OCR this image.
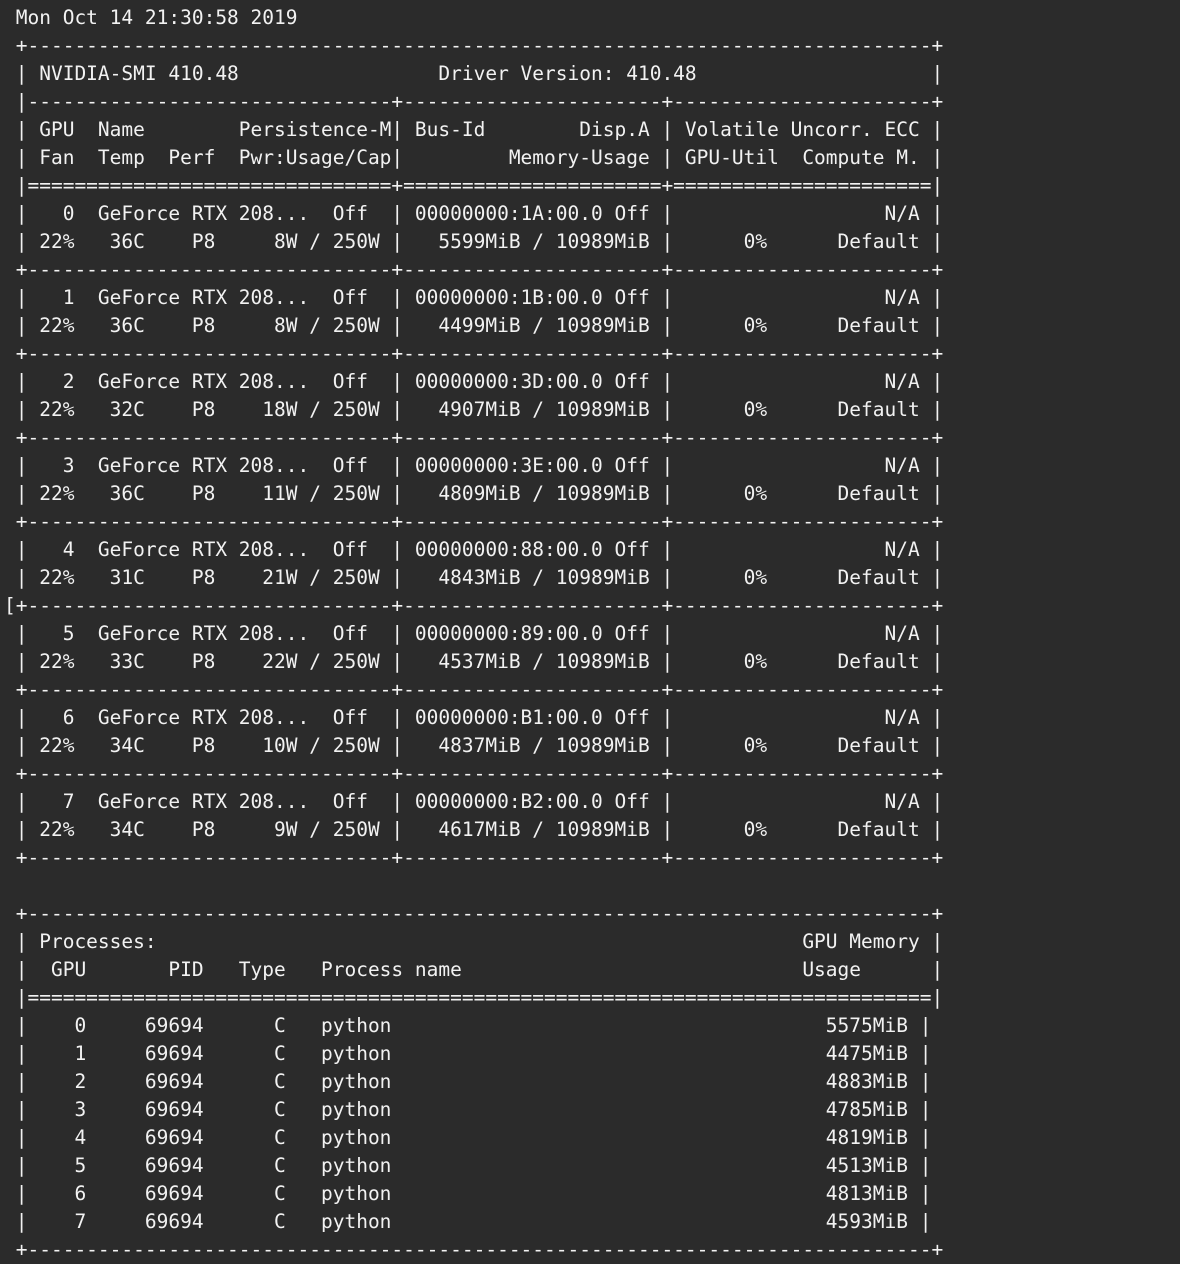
Mon Oct 14 21:30:58 2019
+-----------------------------------------------------------------------------+
| NVIDIA-SMI 410.48                 Driver Version: 410.48                    |
|-------------------------------+----------------------+----------------------+
| GPU  Name        Persistence-M| Bus-Id        Disp.A | Volatile Uncorr. ECC |
| Fan  Temp  Perf  Pwr:Usage/Cap|         Memory-Usage | GPU-Util  Compute M. |
|===============================+======================+======================|
|   0  GeForce RTX 208...  Off  | 00000000:1A:00.0 Off |                  N/A |
| 22%   36C    P8     8W / 250W |   5599MiB / 10989MiB |      0%      Default |
+-------------------------------+----------------------+----------------------+
|   1  GeForce RTX 208...  Off  | 00000000:1B:00.0 Off |                  N/A |
| 22%   36C    P8     8W / 250W |   4499MiB / 10989MiB |      0%      Default |
+-------------------------------+----------------------+----------------------+
|   2  GeForce RTX 208...  Off  | 00000000:3D:00.0 Off |                  N/A |
| 22%   32C    P8    18W / 250W |   4907MiB / 10989MiB |      0%      Default |
+-------------------------------+----------------------+----------------------+
|   3  GeForce RTX 208...  Off  | 00000000:3E:00.0 Off |                  N/A |
| 22%   36C    P8    11W / 250W |   4809MiB / 10989MiB |      0%      Default |
+-------------------------------+----------------------+----------------------+
|   4  GeForce RTX 208...  Off  | 00000000:88:00.0 Off |                  N/A |
| 22%   31C    P8    21W / 250W |   4843MiB / 10989MiB |      0%      Default |
[+-------------------------------+----------------------+----------------------+
|   5  GeForce RTX 208...  Off  | 00000000:89:00.0 Off |                  N/A |
| 22%   33C    P8    22W / 250W |   4537MiB / 10989MiB |      0%      Default |
+-------------------------------+----------------------+----------------------+
|   6  GeForce RTX 208...  Off  | 00000000:B1:00.0 Off |                  N/A |
| 22%   34C    P8    10W / 250W |   4837MiB / 10989MiB |      0%      Default |
+-------------------------------+----------------------+----------------------+
|   7  GeForce RTX 208...  Off  | 00000000:B2:00.0 Off |                  N/A |
| 22%   34C    P8     9W / 250W |   4617MiB / 10989MiB |      0%      Default |
+-------------------------------+----------------------+----------------------+

+-----------------------------------------------------------------------------+
| Processes:                                                       GPU Memory |
|  GPU       PID   Type   Process name                             Usage      |
|=============================================================================|
|    0     69694      C   python                                     5575MiB |
|    1     69694      C   python                                     4475MiB |
|    2     69694      C   python                                     4883MiB |
|    3     69694      C   python                                     4785MiB |
|    4     69694      C   python                                     4819MiB |
|    5     69694      C   python                                     4513MiB |
|    6     69694      C   python                                     4813MiB |
|    7     69694      C   python                                     4593MiB |
+-----------------------------------------------------------------------------+
